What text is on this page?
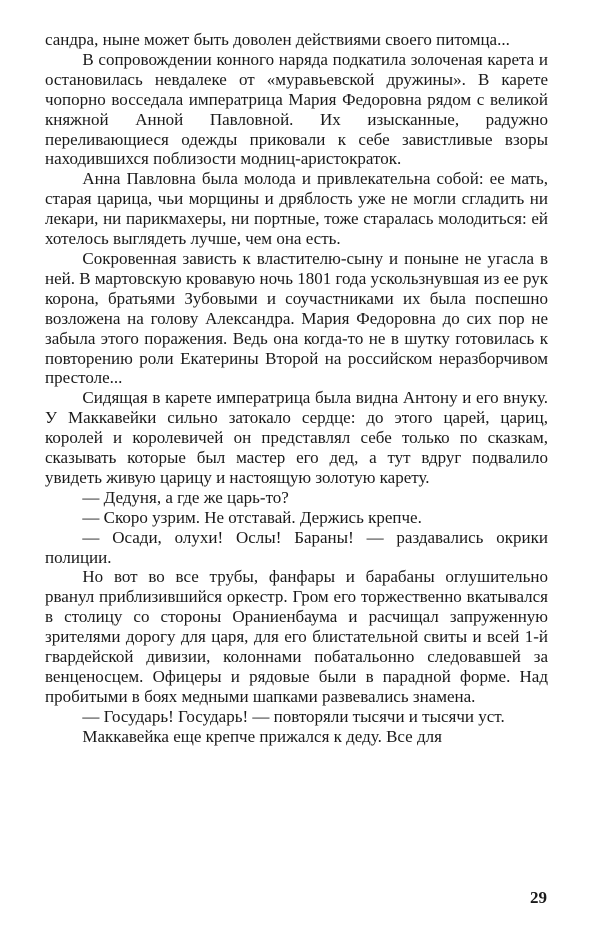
сандра, ныне может быть доволен действиями своего питомца...

В сопровождении конного наряда подкатила золоченая карета и остановилась невдалеке от «муравьевской дружины». В карете чопорно восседала императрица Мария Федоровна рядом с великой княжной Анной Павловной. Их изысканные, радужно переливающиеся одежды приковали к себе завистливые взоры находившихся поблизости модниц-аристократок.

Анна Павловна была молода и привлекательна собой: ее мать, старая царица, чьи морщины и дряблость уже не могли сгладить ни лекари, ни парикмахеры, ни портные, тоже старалась молодиться: ей хотелось выглядеть лучше, чем она есть.

Сокровенная зависть к властителю-сыну и поныне не угасла в ней. В мартовскую кровавую ночь 1801 года ускользнувшая из ее рук корона, братьями Зубовыми и соучастниками их была поспешно возложена на голову Александра. Мария Федоровна до сих пор не забыла этого поражения. Ведь она когда-то не в шутку готовилась к повторению роли Екатерины Второй на российском неразборчивом престоле...

Сидящая в карете императрица была видна Антону и его внуку. У Маккавейки сильно затокало сердце: до этого царей, цариц, королей и королевичей он представлял себе только по сказкам, сказывать которые был мастер его дед, а тут вдруг подвалило увидеть живую царицу и настоящую золотую карету.

— Дедуня, а где же царь-то?

— Скоро узрим. Не отставай. Держись крепче.

— Осади, олухи! Ослы! Бараны! — раздавались окрики полиции.

Но вот во все трубы, фанфары и барабаны оглушительно рванул приблизившийся оркестр. Гром его торжественно вкатывался в столицу со стороны Ораниенбаума и расчищал запруженную зрителями дорогу для царя, для его блистательной свиты и всей 1-й гвардейской дивизии, колоннами побатальонно следовавшей за венценосцем. Офицеры и рядовые были в парадной форме. Над пробитыми в боях медными шапками развевались знамена.

— Государь! Государь! — повторяли тысячи и тысячи уст.

Маккавейка еще крепче прижался к деду. Все для

29
